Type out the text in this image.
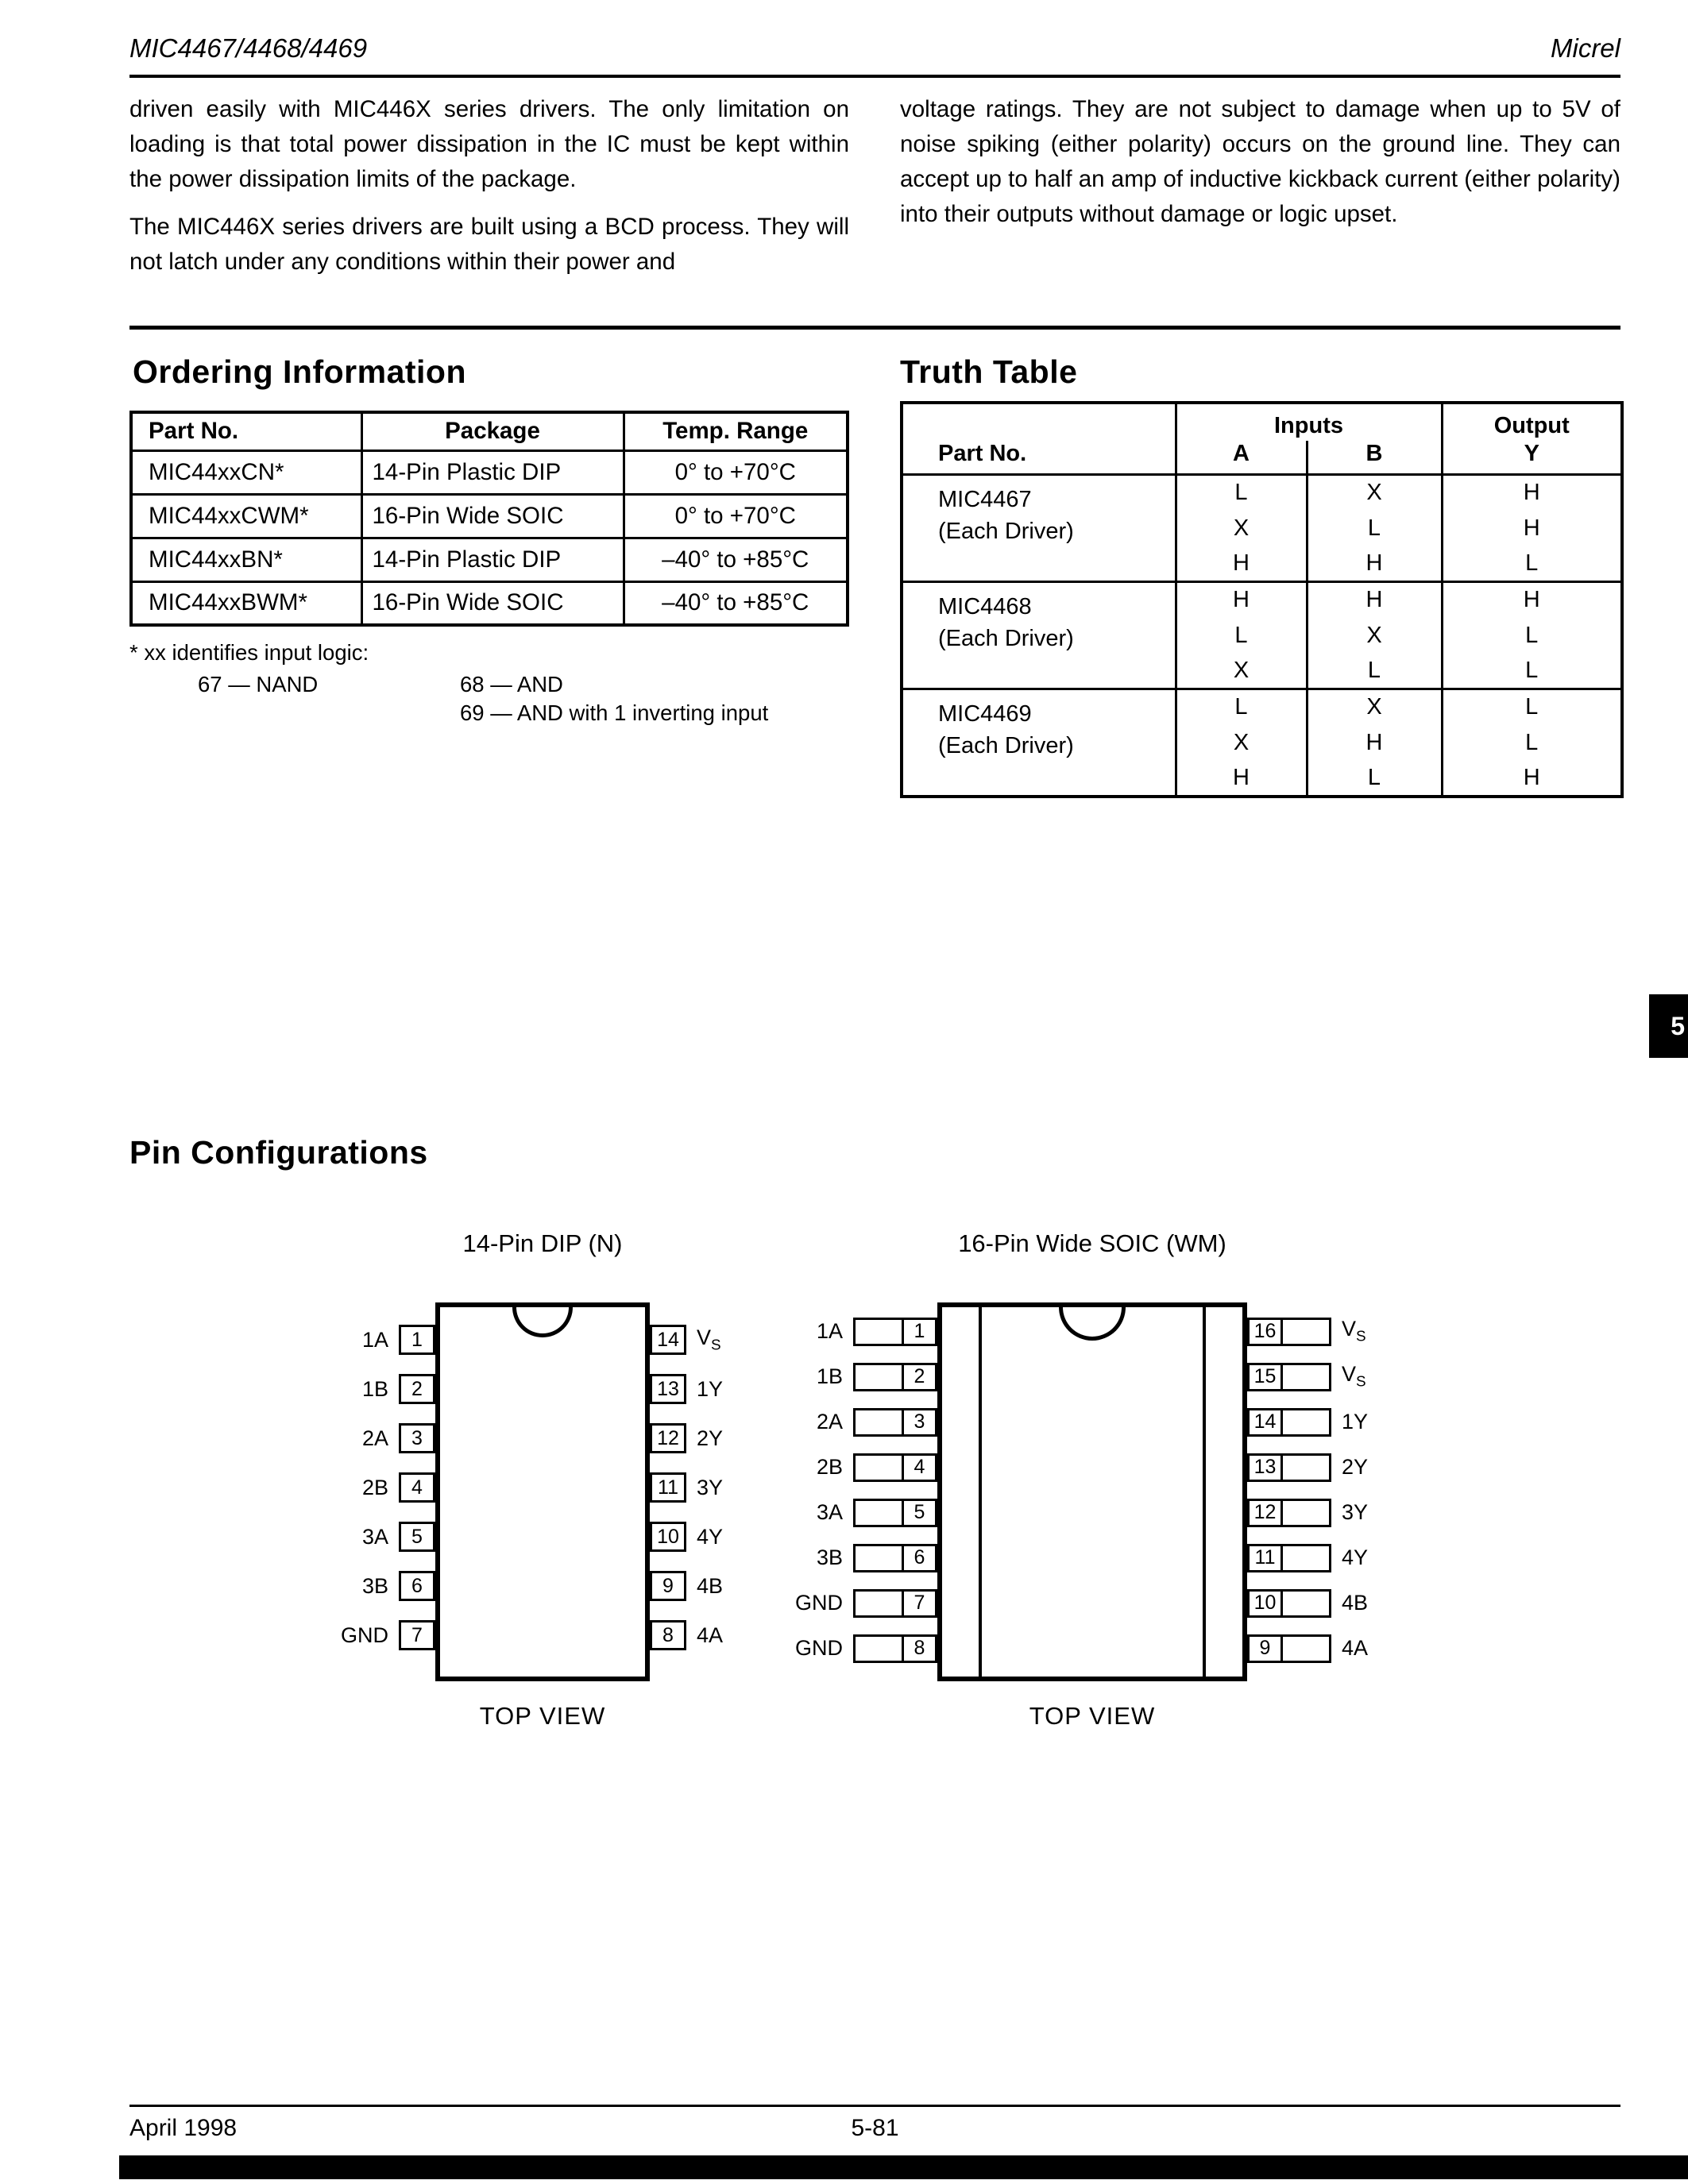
MIC4467/4468/4469	Micrel

driven easily with MIC446X series drivers. The only limitation on loading is that total power dissipation in the IC must be kept within the power dissipation limits of the package.

The MIC446X series drivers are built using a BCD process. They will not latch under any conditions within their power and

voltage ratings. They are not subject to damage when up to 5V of noise spiking (either polarity) occurs on the ground line. They can accept up to half an amp of inductive kickback current (either polarity) into their outputs without damage or logic upset.

Ordering Information	Truth Table
Part No.	Package	Temp. Range
MIC44xxCN*	14-Pin Plastic DIP	0° to +70°C
MIC44xxCWM*	16-Pin Wide SOIC	0° to +70°C
MIC44xxBN*	14-Pin Plastic DIP	–40° to +85°C
MIC44xxBWM*	16-Pin Wide SOIC	–40° to +85°C
* xx identifies input logic:
67 — NAND	68 — AND
69 — AND with 1 inverting input
Part No.	Inputs		Output
	A	B	Y

MIC4467
(Each Driver)	L	X	H
	X	L	H
	H	H	L

MIC4468
(Each Driver)	H	H	H
	L	X	L
	X	L	L

MIC4469
(Each Driver)	L	X	L
	X	H	L
	H	L	H
5
Pin Configurations
14-Pin DIP (N)
1A	1
1B	2
2A	3
2B	4
3A	5
3B	6
GND	7
14 $V_S$
13 1Y
12 2Y
11 3Y
10 4Y
9	4B
8	4A
TOP VIEW
16-Pin Wide SOIC (WM)
1A	1
1B	2
2A	3
2B	4
3A	5
3B	6
GND	7
GND	8
16	$V_S$
15	$V_S$
14	1Y
13	2Y
12	3Y
11	4Y
10	4B
9	4A
TOP VIEW
April 1998	5-81
